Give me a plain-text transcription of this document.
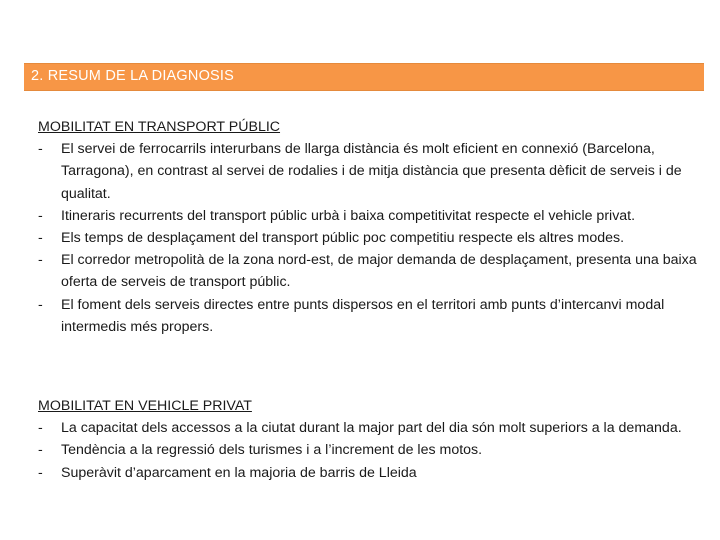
2. RESUM DE LA DIAGNOSIS
MOBILITAT EN TRANSPORT PÚBLIC
- El servei de ferrocarrils interurbans de llarga distància és molt eficient en connexió (Barcelona, Tarragona), en contrast al servei de rodalies i de mitja distància que presenta dèficit de serveis i de qualitat.
- Itineraris recurrents del transport públic urbà i baixa competitivitat respecte el vehicle privat.
- Els temps de desplaçament del transport públic poc competitiu respecte els altres modes.
- El corredor metropolità de la zona nord-est, de major demanda de desplaçament, presenta una baixa oferta de serveis de transport públic.
- El foment dels serveis directes entre punts dispersos en el territori amb punts d’intercanvi modal intermedis més propers.
MOBILITAT EN VEHICLE PRIVAT
- La capacitat dels accessos a la ciutat durant la major part del dia són molt superiors a la demanda.
- Tendència a la regressió dels turismes i a l’increment de les motos.
- Superàvit d’aparcament en la majoria de barris de Lleida
